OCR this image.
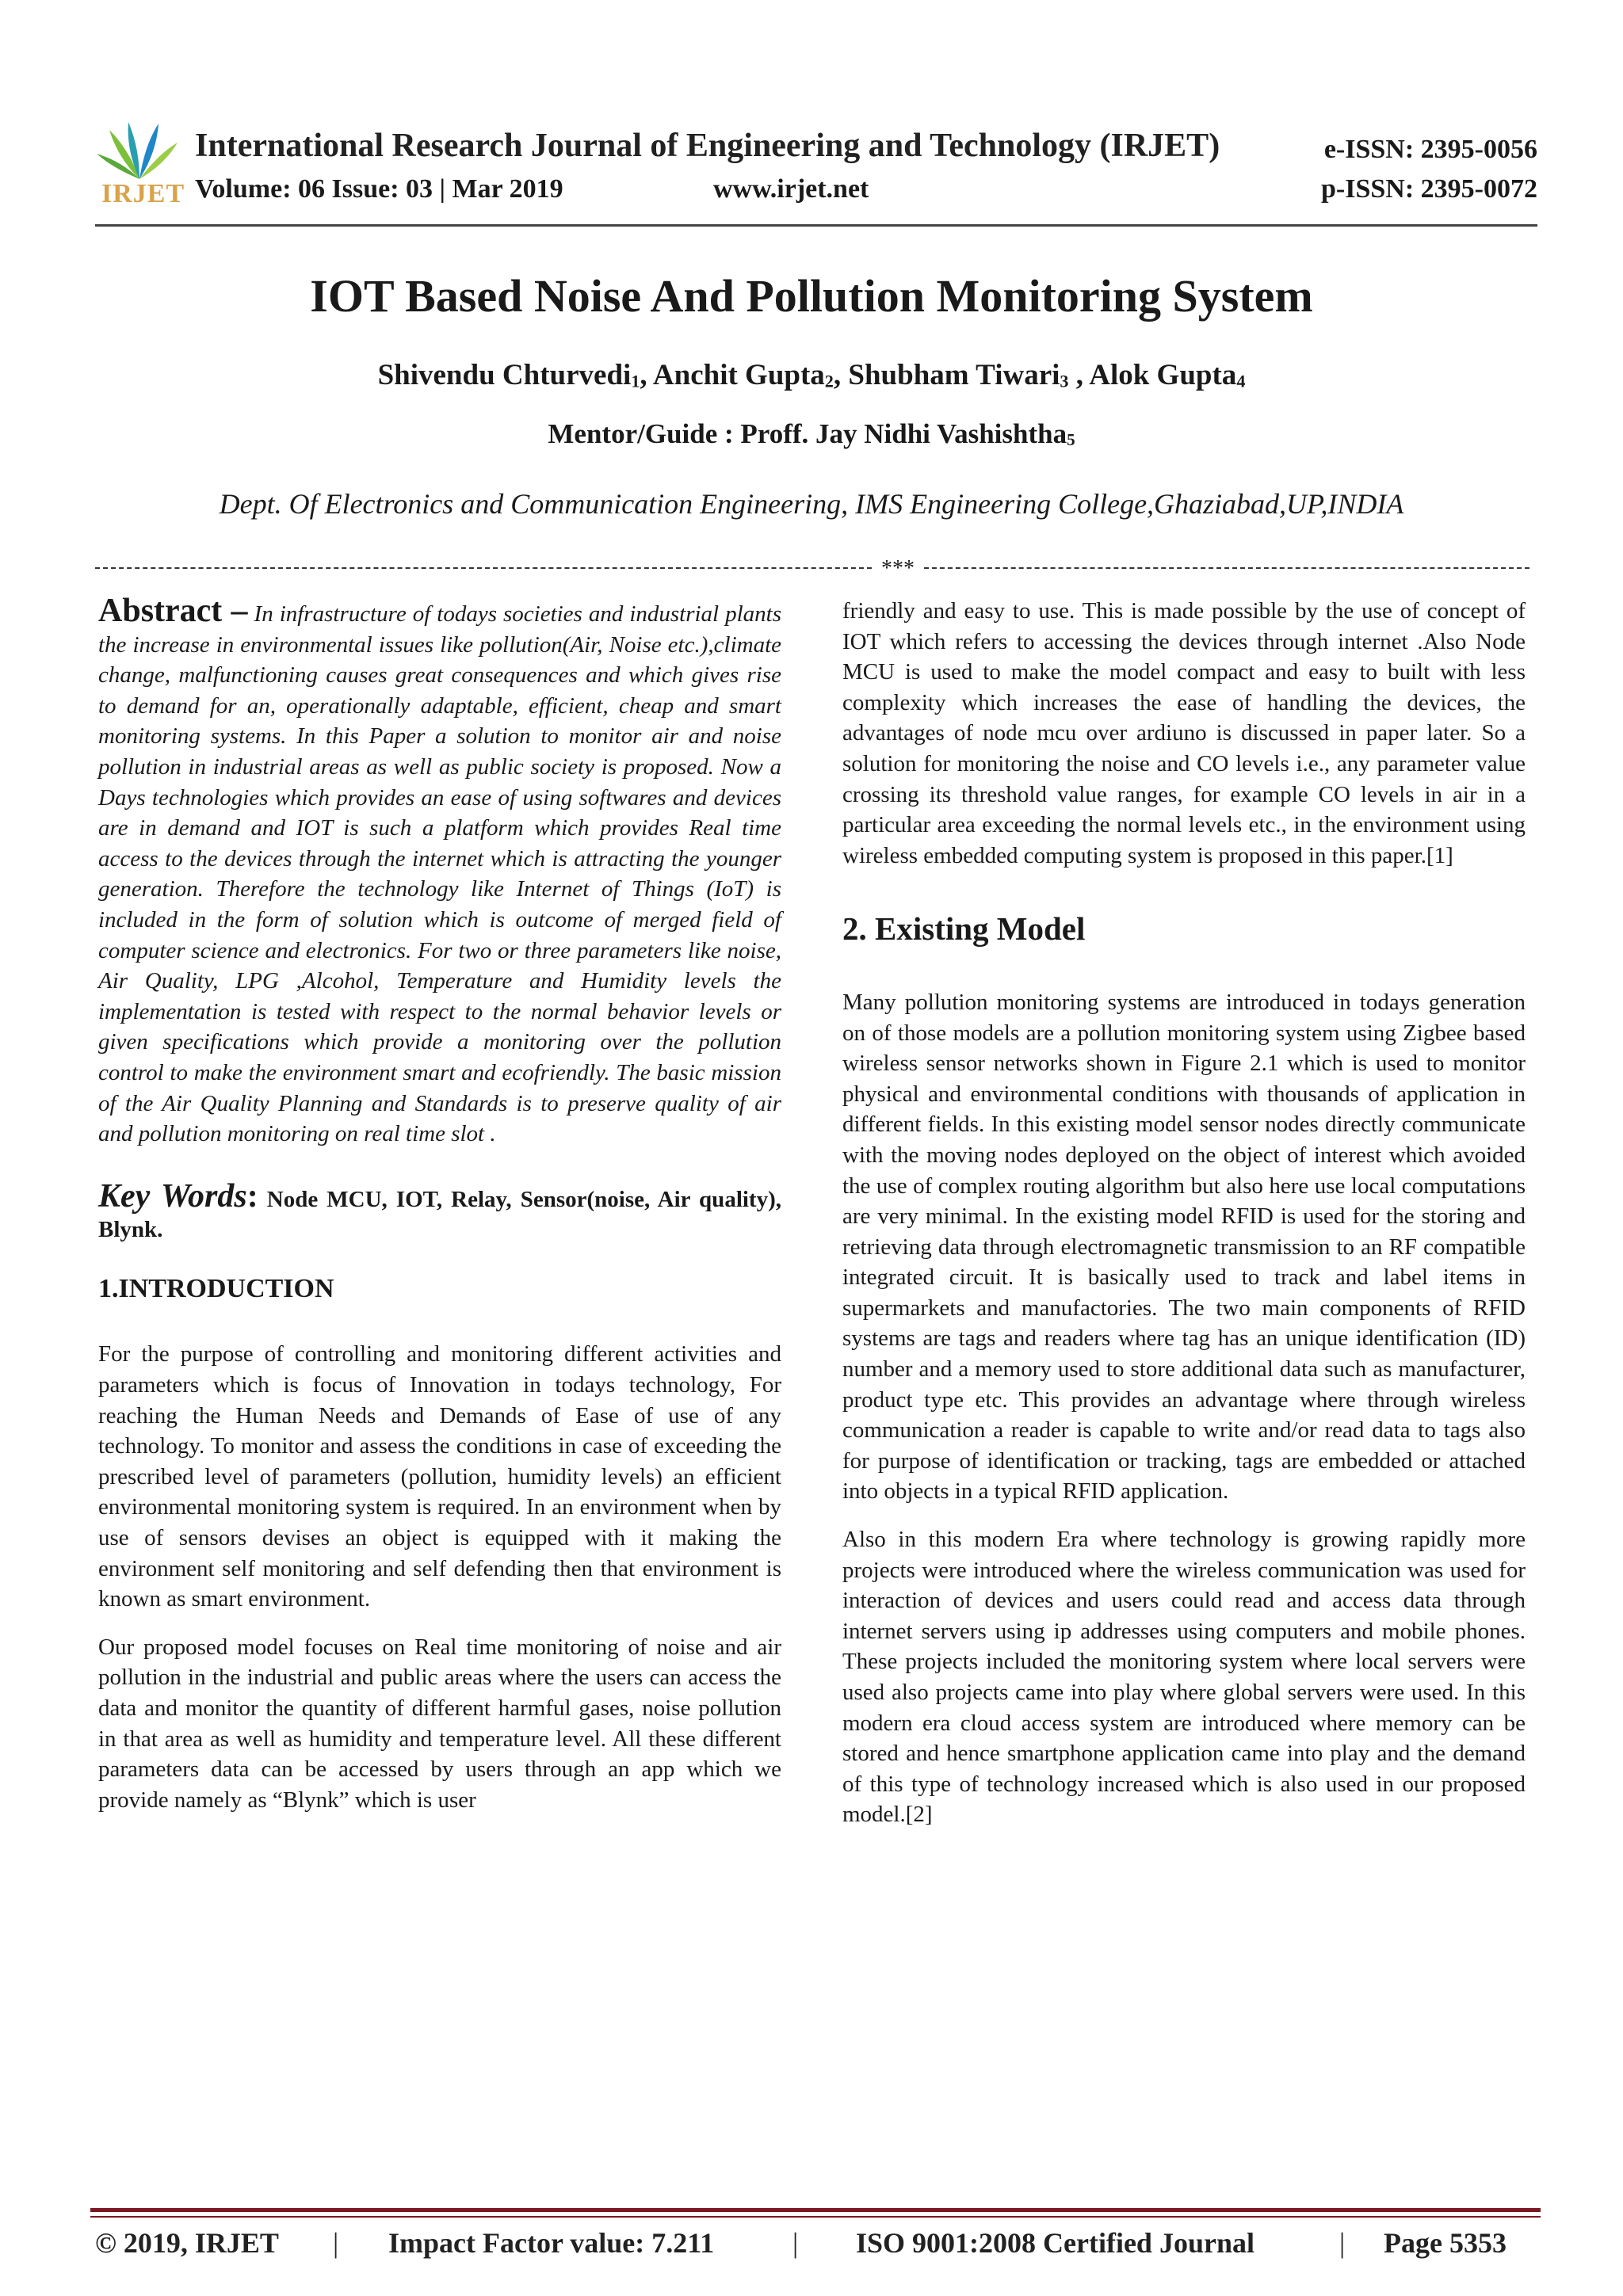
IRJET
International Research Journal of Engineering and Technology (IRJET)
Volume: 06 Issue: 03 | Mar 2019	www.irjet.net
e-ISSN: 2395-0056
p-ISSN: 2395-0072
IOT Based Noise And Pollution Monitoring System
Shivendu Chturvedi$_1$, Anchit Gupta$_2$, Shubham Tiwari$_3$ , Alok Gupta$_4$
Mentor/Guide : Proff. Jay Nidhi Vashishtha$_5$
Dept. Of Electronics and Communication Engineering, IMS Engineering College,Ghaziabad,UP,INDIA
***

Abstract – In infrastructure of todays societies and industrial plants the increase in environmental issues like pollution(Air, Noise etc.),climate change, malfunctioning causes great consequences and which gives rise to demand for an, operationally adaptable, efficient, cheap and smart monitoring systems. In this Paper a solution to monitor air and noise pollution in industrial areas as well as public society is proposed. Now a Days technologies which provides an ease of using softwares and devices are in demand and IOT is such a platform which provides Real time access to the devices through the internet which is attracting the younger generation. Therefore the technology like Internet of Things (IoT) is included in the form of solution which is outcome of merged field of computer science and electronics. For two or three parameters like noise, Air Quality, LPG ,Alcohol, Temperature and Humidity levels the implementation is tested with respect to the normal behavior levels or given specifications which provide a monitoring over the pollution control to make the environment smart and ecofriendly. The basic mission of the Air Quality Planning and Standards is to preserve quality of air and pollution monitoring on real time slot .

Key Words: Node MCU, IOT, Relay, Sensor(noise, Air quality), Blynk.

1.INTRODUCTION

For the purpose of controlling and monitoring different activities and parameters which is focus of Innovation in todays technology, For reaching the Human Needs and Demands of Ease of use of any technology. To monitor and assess the conditions in case of exceeding the prescribed level of parameters (pollution, humidity levels) an efficient environmental monitoring system is required. In an environment when by use of sensors devises an object is equipped with it making the environment self monitoring and self defending then that environment is known as smart environment.

Our proposed model focuses on Real time monitoring of noise and air pollution in the industrial and public areas where the users can access the data and monitor the quantity of different harmful gases, noise pollution in that area as well as humidity and temperature level. All these different parameters data can be accessed by users through an app which we provide namely as “Blynk” which is user

friendly and easy to use. This is made possible by the use of concept of IOT which refers to accessing the devices through internet .Also Node MCU is used to make the model compact and easy to built with less complexity which increases the ease of handling the devices, the advantages of node mcu over ardiuno is discussed in paper later. So a solution for monitoring the noise and CO levels i.e., any parameter value crossing its threshold value ranges, for example CO levels in air in a particular area exceeding the normal levels etc., in the environment using wireless embedded computing system is proposed in this paper.[1]

2. Existing Model

Many pollution monitoring systems are introduced in todays generation on of those models are a pollution monitoring system using Zigbee based wireless sensor networks shown in Figure 2.1 which is used to monitor physical and environmental conditions with thousands of application in different fields. In this existing model sensor nodes directly communicate with the moving nodes deployed on the object of interest which avoided the use of complex routing algorithm but also here use local computations are very minimal. In the existing model RFID is used for the storing and retrieving data through electromagnetic transmission to an RF compatible integrated circuit. It is basically used to track and label items in supermarkets and manufactories. The two main components of RFID systems are tags and readers where tag has an unique identification (ID) number and a memory used to store additional data such as manufacturer, product type etc. This provides an advantage where through wireless communication a reader is capable to write and/or read data to tags also for purpose of identification or tracking, tags are embedded or attached into objects in a typical RFID application.

Also in this modern Era where technology is growing rapidly more projects were introduced where the wireless communication was used for interaction of devices and users could read and access data through internet servers using ip addresses using computers and mobile phones. These projects included the monitoring system where local servers were used also projects came into play where global servers were used. In this modern era cloud access system are introduced where memory can be stored and hence smartphone application came into play and the demand of this type of technology increased which is also used in our proposed model.[2]

© 2019, IRJET | Impact Factor value: 7.211	| ISO 9001:2008 Certified Journal	| Page 5353
